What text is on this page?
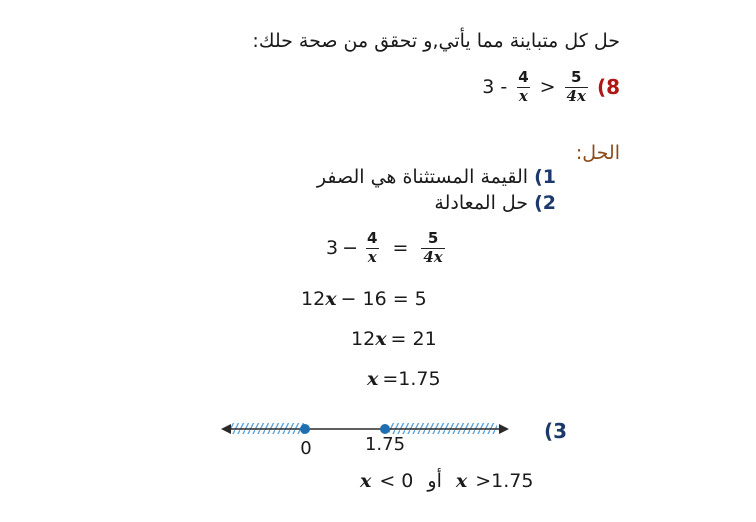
حل كل متباينة مما يأتي,و تحقق من صحة حلك:
$3 - \frac{4}{x} > \frac{5}{4x} (8$
الحل:
القيمة المستثناة هي الصفر (1
حل المعادلة (2
$3 - \frac{4}{x} = \frac{5}{4x}$
12x − 16 = 5
12x = 21
x =1.75
0	1.75
(3
x < 0 أو x >1.75
